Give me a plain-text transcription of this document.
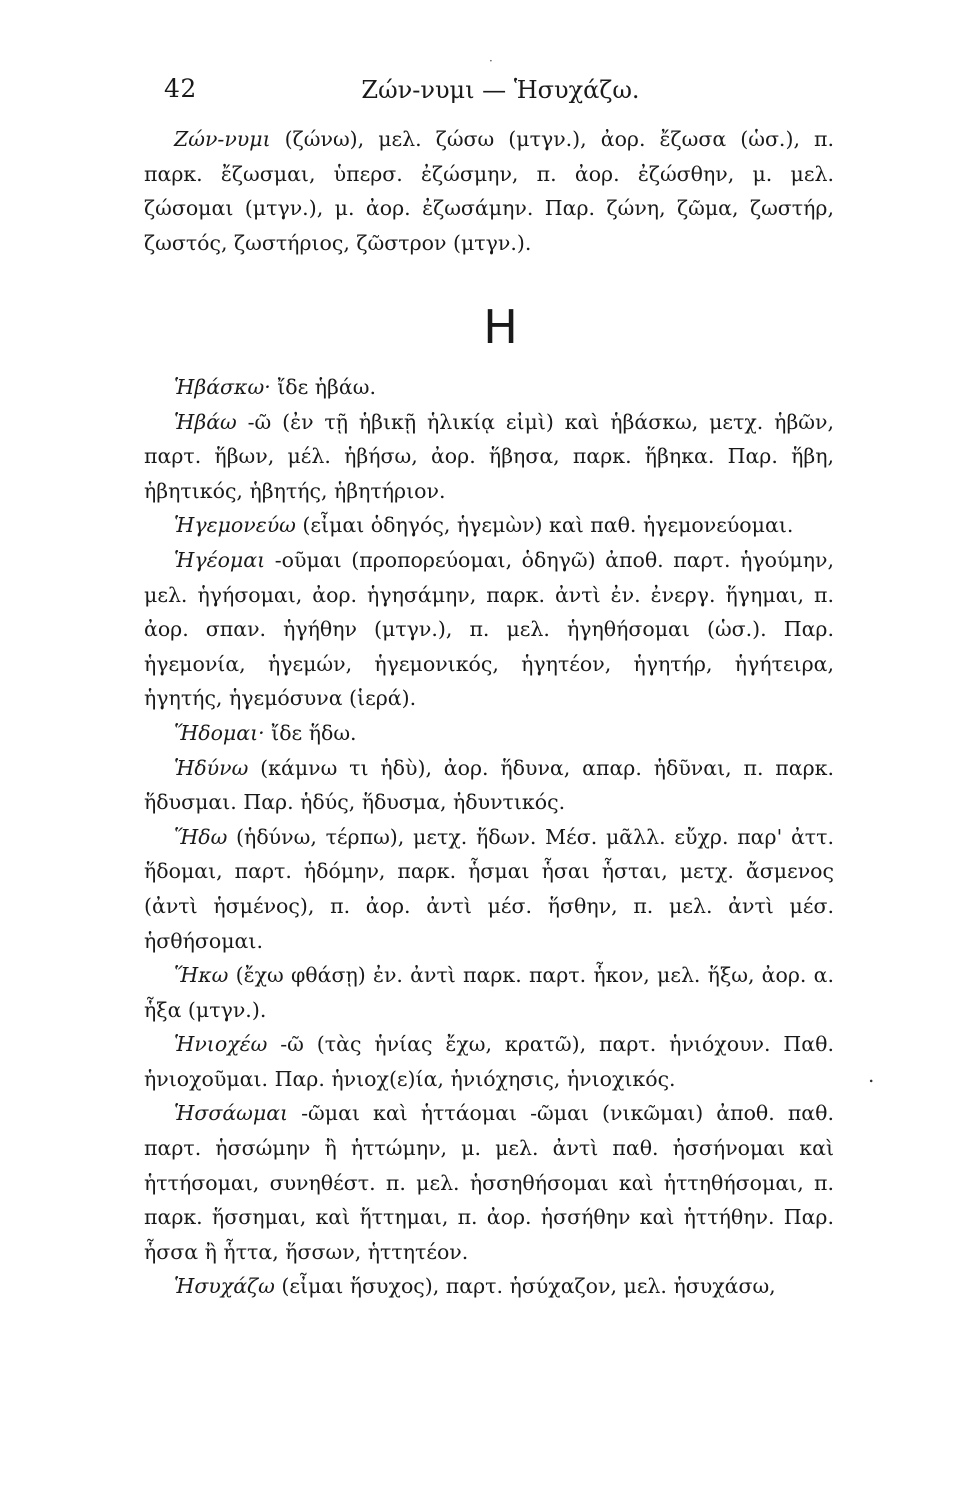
·
42	Ζών-νυμι — Ἡσυχάζω.

Ζών-νυμι (ζώνω), μελ. ζώσω (μτγν.), ἀορ. ἔζωσα (ὡσ.), π. παρκ. ἔζωσμαι, ὑπερσ. ἐζώσμην, π. ἀορ. ἐζώσθην, μ. μελ. ζώσομαι (μτγν.), μ. ἀορ. ἐζωσάμην. Παρ. ζώνη, ζῶμα, ζωστήρ, ζωστός, ζωστήριος, ζῶστρον (μτγν.).

Η

Ἡβάσκω· ἴδε ἡβάω.

Ἡβάω -ῶ (ἐν τῇ ἡβικῇ ἡλικίᾳ εἰμὶ) καὶ ἡβάσκω, μετχ. ἡβῶν, παρτ. ἥβων, μέλ. ἡβήσω, ἀορ. ἥβησα, παρκ. ἥβηκα. Παρ. ἥβη, ἡβητικός, ἡβητής, ἡβητήριον.

Ἡγεμονεύω (εἶμαι ὁδηγός, ἡγεμὼν) καὶ παθ. ἡγεμονεύομαι.

Ἡγέομαι -οῦμαι (προπορεύομαι, ὁδηγῶ) ἀποθ. παρτ. ἡγούμην, μελ. ἡγήσομαι, ἀορ. ἡγησάμην, παρκ. ἀντὶ ἐν. ἐνεργ. ἥγημαι, π. ἀορ. σπαν. ἡγήθην (μτγν.), π. μελ. ἡγηθήσομαι (ὡσ.). Παρ. ἡγεμονία, ἡγεμών, ἡγεμονικός, ἡγητέον, ἡγητήρ, ἡγήτειρα, ἡγητής, ἡγεμόσυνα (ἱερά).

Ἥδομαι· ἴδε ἥδω.

Ἡδύνω (κάμνω τι ἡδὺ), ἀορ. ἥδυνα, απαρ. ἡδῦναι, π. παρκ. ἥδυσμαι. Παρ. ἡδύς, ἥδυσμα, ἡδυντικός.

Ἥδω (ἡδύνω, τέρπω), μετχ. ἥδων. Μέσ. μᾶλλ. εὔχρ. παρ' ἀττ. ἥδομαι, παρτ. ἡδόμην, παρκ. ἧσμαι ἧσαι ἧσται, μετχ. ἄσμενος (ἀντὶ ἡσμένος), π. ἀορ. ἀντὶ μέσ. ἥσθην, π. μελ. ἀντὶ μέσ. ἡσθήσομαι.

Ἥκω (ἔχω φθάσῃ) ἐν. ἀντὶ παρκ. παρτ. ἧκον, μελ. ἥξω, ἀορ. α. ἧξα (μτγν.).

Ἡνιοχέω -ῶ (τὰς ἡνίας ἔχω, κρατῶ), παρτ. ἡνιόχουν. Παθ. ἡνιοχοῦμαι. Παρ. ἡνιοχ(ε)ία, ἡνιόχησις, ἡνιοχικός.

Ἡσσάωμαι -ῶμαι καὶ ἡττάομαι -ῶμαι (νικῶμαι) ἀποθ. παθ. παρτ. ἡσσώμην ἢ ἡττώμην, μ. μελ. ἀντὶ παθ. ἡσσήνομαι καὶ ἡττήσομαι, συνηθέστ. π. μελ. ἡσσηθήσομαι καὶ ἡττηθήσομαι, π. παρκ. ἥσσημαι, καὶ ἥττημαι, π. ἀορ. ἡσσήθην καὶ ἡττήθην. Παρ. ἧσσα ἢ ἧττα, ἥσσων, ἡττητέον.

Ἡσυχάζω (εἶμαι ἥσυχος), παρτ. ἡσύχαζον, μελ. ἡσυχάσω,

.
